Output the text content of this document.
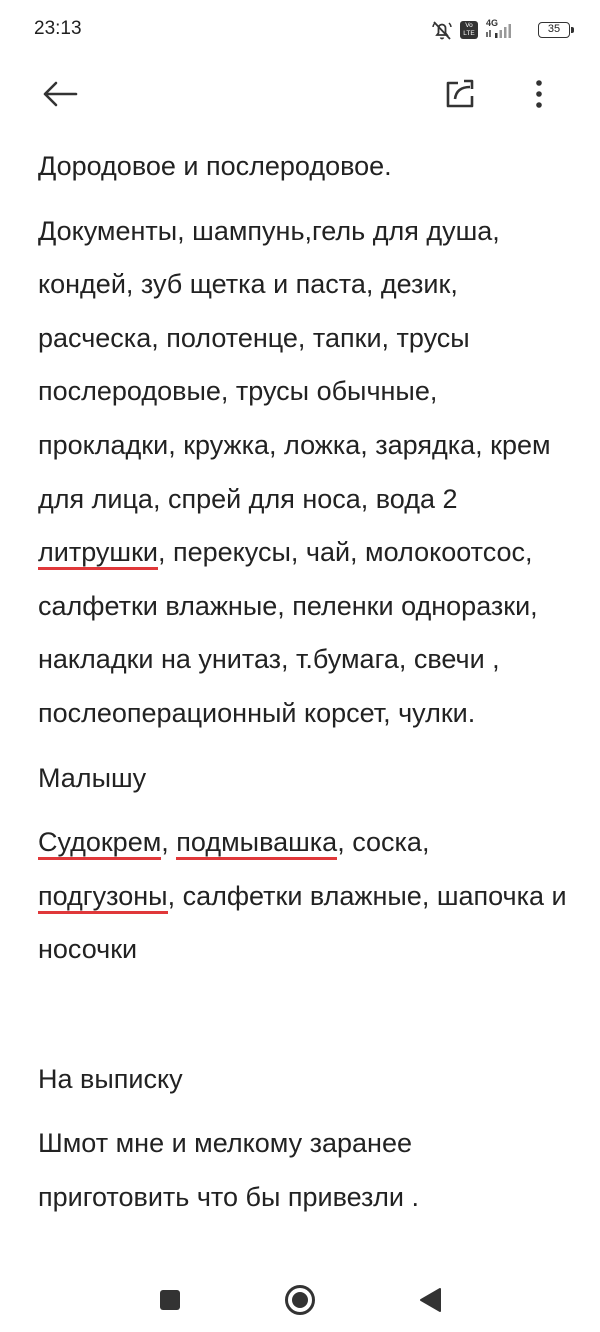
23:13	Vo LTE
4G	35

Дородовое и послеродовое.

Документы, шампунь,гель для душа, кондей, зуб щетка и паста, дезик, расческа, полотенце, тапки, трусы послеродовые, трусы обычные, прокладки, кружка, ложка, зарядка, крем для лица, спрей для носа, вода 2 литрушки, перекусы, чай, молокоотсос, салфетки влажные, пеленки одноразки, накладки на унитаз, т.бумага, свечи , послеоперационный корсет, чулки.

Малышу

Судокрем, подмывашка, соска, подгузоны, салфетки влажные, шапочка и носочки

На выписку

Шмот мне и мелкому заранее приготовить что бы привезли .
